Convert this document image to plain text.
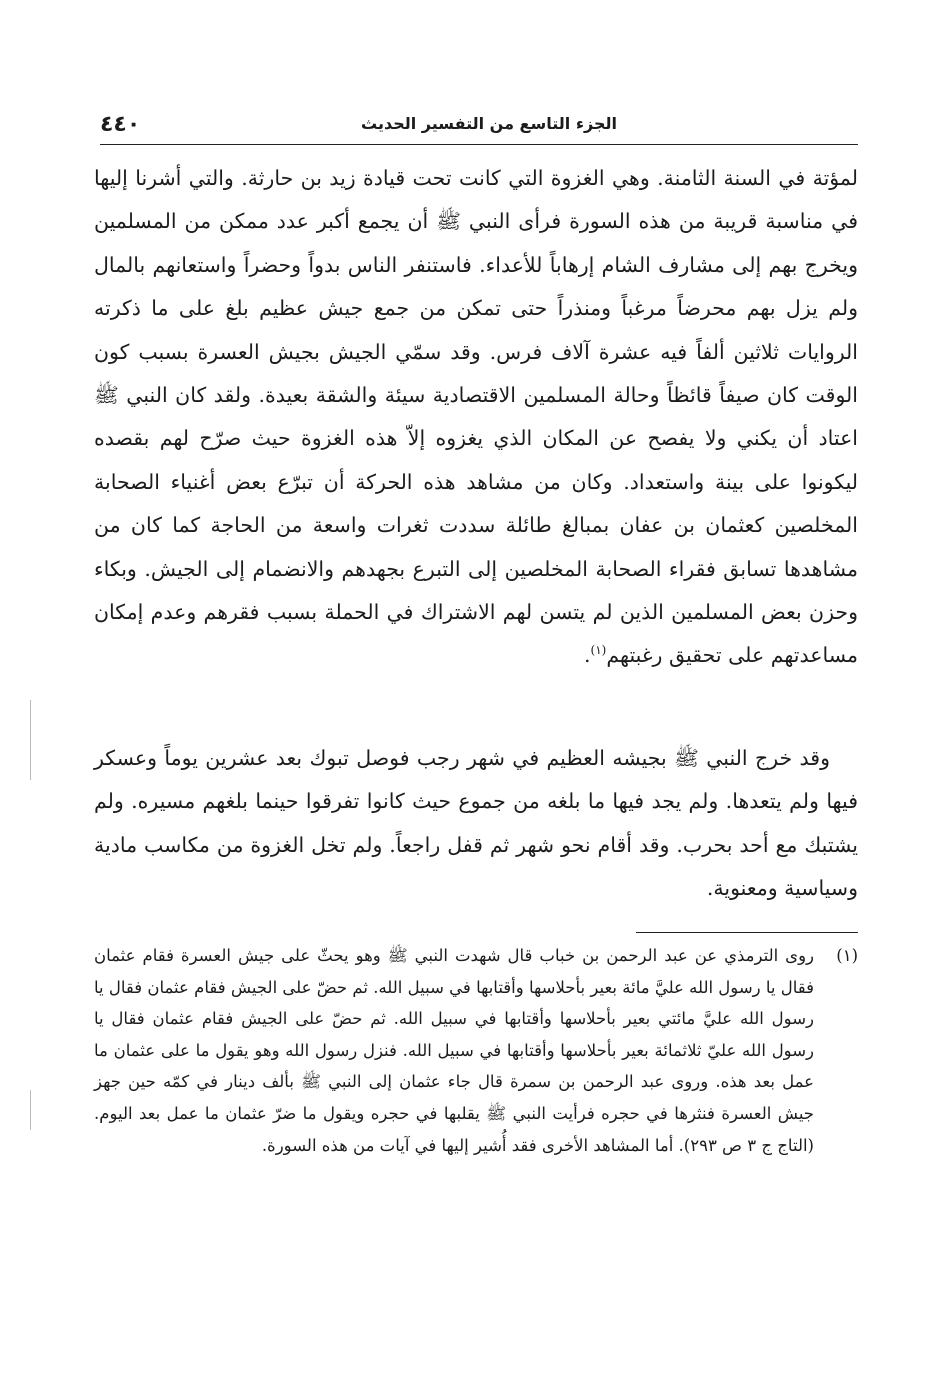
الجزء التاسع من التفسير الحديث
٤٤٠

لمؤتة في السنة الثامنة. وهي الغزوة التي كانت تحت قيادة زيد بن حارثة. والتي أشرنا إليها في مناسبة قريبة من هذه السورة فرأى النبي ﷺ أن يجمع أكبر عدد ممكن من المسلمين ويخرج بهم إلى مشارف الشام إرهاباً للأعداء. فاستنفر الناس بدواً وحضراً واستعانهم بالمال ولم يزل بهم محرضاً مرغباً ومنذراً حتى تمكن من جمع جيش عظيم بلغ على ما ذكرته الروايات ثلاثين ألفاً فيه عشرة آلاف فرس. وقد سمّي الجيش بجيش العسرة بسبب كون الوقت كان صيفاً قائظاً وحالة المسلمين الاقتصادية سيئة والشقة بعيدة. ولقد كان النبي ﷺ اعتاد أن يكني ولا يفصح عن المكان الذي يغزوه إلاّ هذه الغزوة حيث صرّح لهم بقصده ليكونوا على بينة واستعداد. وكان من مشاهد هذه الحركة أن تبرّع بعض أغنياء الصحابة المخلصين كعثمان بن عفان بمبالغ طائلة سددت ثغرات واسعة من الحاجة كما كان من مشاهدها تسابق فقراء الصحابة المخلصين إلى التبرع بجهدهم والانضمام إلى الجيش. وبكاء وحزن بعض المسلمين الذين لم يتسن لهم الاشتراك في الحملة بسبب فقرهم وعدم إمكان مساعدتهم على تحقيق رغبتهم$^{(١)}$.

وقد خرج النبي ﷺ بجيشه العظيم في شهر رجب فوصل تبوك بعد عشرين يوماً وعسكر فيها ولم يتعدها. ولم يجد فيها ما بلغه من جموع حيث كانوا تفرقوا حينما بلغهم مسيره. ولم يشتبك مع أحد بحرب. وقد أقام نحو شهر ثم قفل راجعاً. ولم تخل الغزوة من مكاسب مادية وسياسية ومعنوية.
(١)
روى الترمذي عن عبد الرحمن بن خباب قال شهدت النبي ﷺ وهو يحثّ على جيش العسرة فقام عثمان فقال يا رسول الله عليَّ مائة بعير بأحلاسها وأقتابها في سبيل الله. ثم حضّ على الجيش فقام عثمان فقال يا رسول الله عليَّ مائتي بعير بأحلاسها وأقتابها في سبيل الله. ثم حضّ على الجيش فقام عثمان فقال يا رسول الله عليّ ثلاثمائة بعير بأحلاسها وأقتابها في سبيل الله. فنزل رسول الله وهو يقول ما على عثمان ما عمل بعد هذه. وروى عبد الرحمن بن سمرة قال جاء عثمان إلى النبي ﷺ بألف دينار في كمّه حين جهز جيش العسرة فنثرها في حجره فرأيت النبي ﷺ يقلبها في حجره ويقول ما ضرّ عثمان ما عمل بعد اليوم. (التاج ج ٣ ص ٢٩٣). أما المشاهد الأخرى فقد أُشير إليها في آيات من هذه السورة.
